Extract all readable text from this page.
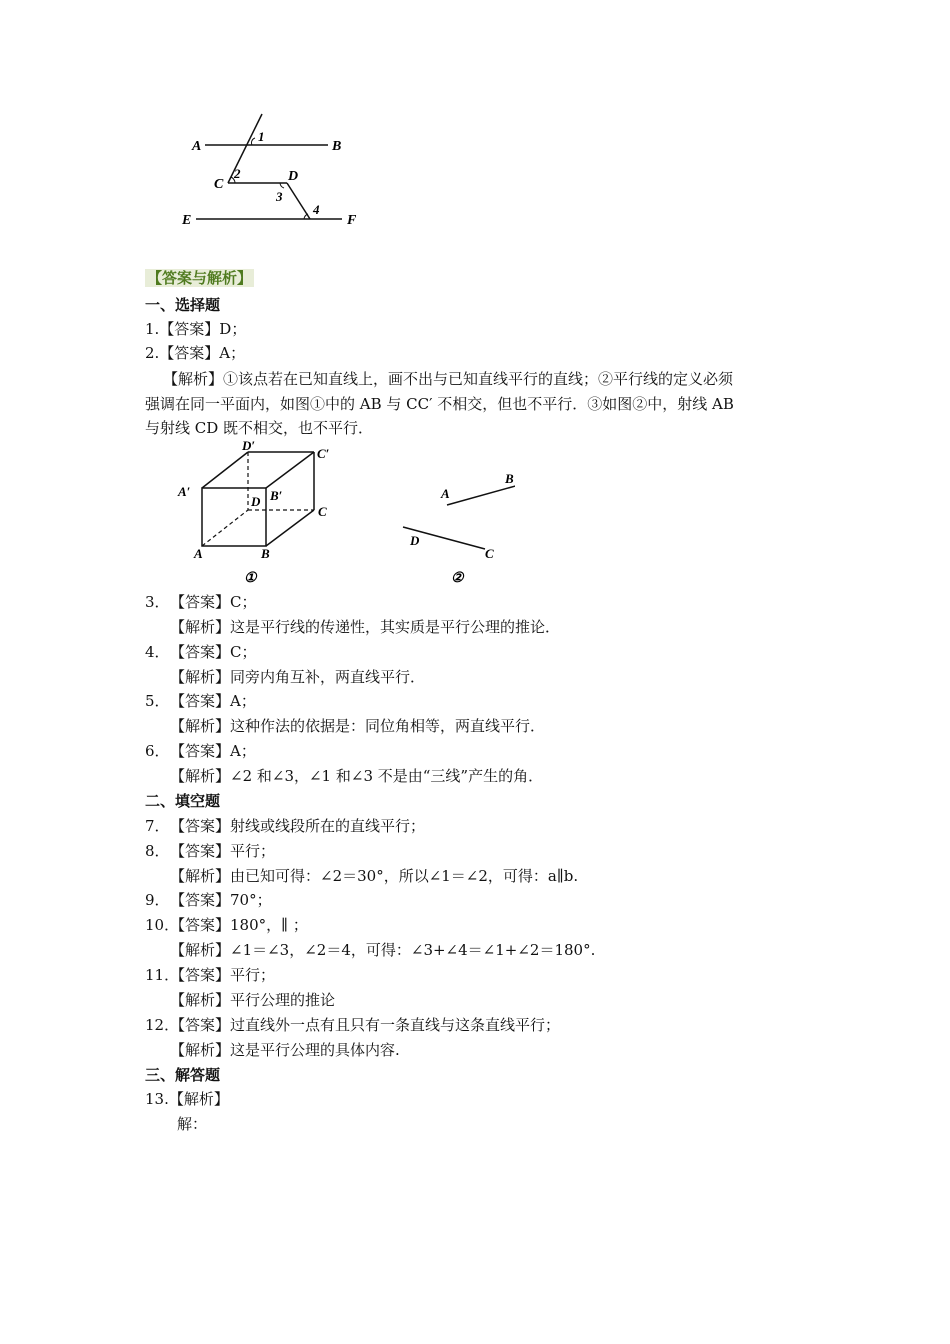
A	B
C
D
E	F
1
2
3
4
【答案与解析】
一、选择题
1.【答案】D；
2.【答案】A；
【解析】①该点若在已知直线上，画不出与已知直线平行的直线；②平行线的定义必须
强调在同一平面内，如图①中的 AB 与 CC′ 不相交，但也不平行．③如图②中，射线 AB
与射线 CD 既不相交，也不平行．
D′
C′
A′
D B′
C
A	B
①
A
B
D
C
②
3． 【答案】C；
【解析】这是平行线的传递性，其实质是平行公理的推论．
4． 【答案】C；
【解析】同旁内角互补，两直线平行．
5． 【答案】A；
【解析】这种作法的依据是：同位角相等，两直线平行．
6． 【答案】A；
【解析】∠2 和∠3，∠1 和∠3 不是由“三线”产生的角．
二、填空题
7． 【答案】射线或线段所在的直线平行；
8． 【答案】平行；
【解析】由已知可得：∠2＝30°，所以∠1＝∠2，可得：a∥b.
9． 【答案】70°；
10．
【答案】180°，∥ ；
【解析】∠1＝∠3，∠2＝4，可得：∠3+∠4＝∠1+∠2＝180°.
11．
【答案】平行；
【解析】平行公理的推论
12．
【答案】过直线外一点有且只有一条直线与这条直线平行；
【解析】这是平行公理的具体内容.
三、解答题
13.【解析】
解：
